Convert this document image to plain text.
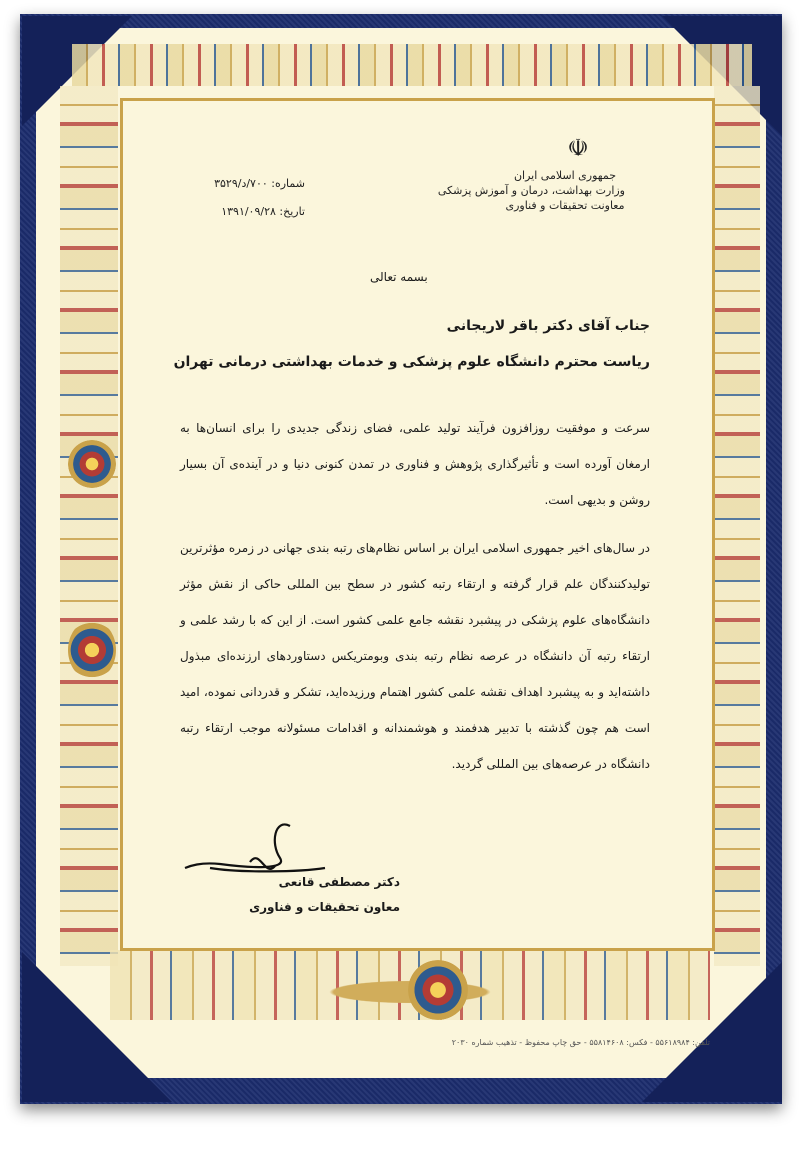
☫
جمهوری اسلامی ایران
وزارت بهداشت، درمان و آموزش پزشکی
معاونت تحقیقات و فناوری
شماره: ۷۰۰/د/۳۵۲۹
تاریخ: ۱۳۹۱/۰۹/۲۸
بسمه تعالی
جناب آقای دکتر باقر لاریجانی
ریاست محترم دانشگاه علوم پزشکی و خدمات بهداشتی درمانی تهران

سرعت و موفقیت روزافزون فرآیند تولید علمی، فضای زندگی جدیدی را برای انسان‌ها به ارمغان آورده است و تأثیرگذاری پژوهش و فناوری در تمدن کنونی دنیا و در آینده‌ی آن بسیار روشن و بدیهی است.

در سال‌های اخیر جمهوری اسلامی ایران بر اساس نظام‌های رتبه بندی جهانی در زمره مؤثرترین تولیدکنندگان علم قرار گرفته و ارتقاء رتبه کشور در سطح بین المللی حاکی از نقش مؤثر دانشگاه‌های علوم پزشکی در پیشبرد نقشه جامع علمی کشور است. از این که با رشد علمی و ارتقاء رتبه آن دانشگاه در عرصه نظام رتبه بندی وبومتریکس دستاوردهای ارزنده‌ای مبذول داشته‌اید و به پیشبرد اهداف نقشه علمی کشور اهتمام ورزیده‌اید، تشکر و قدردانی نموده، امید است هم چون گذشته با تدبیر هدفمند و هوشمندانه و اقدامات مسئولانه موجب ارتقاء رتبه دانشگاه در عرصه‌های بین المللی گردید.

دکتر مصطفی قانعی
معاون تحقیقات و فناوری
تلفن: ۵۵۶۱۸۹۸۴ - فکس: ۵۵۸۱۴۶۰۸ - حق چاپ محفوظ - تذهیب شماره ۲۰۳۰
